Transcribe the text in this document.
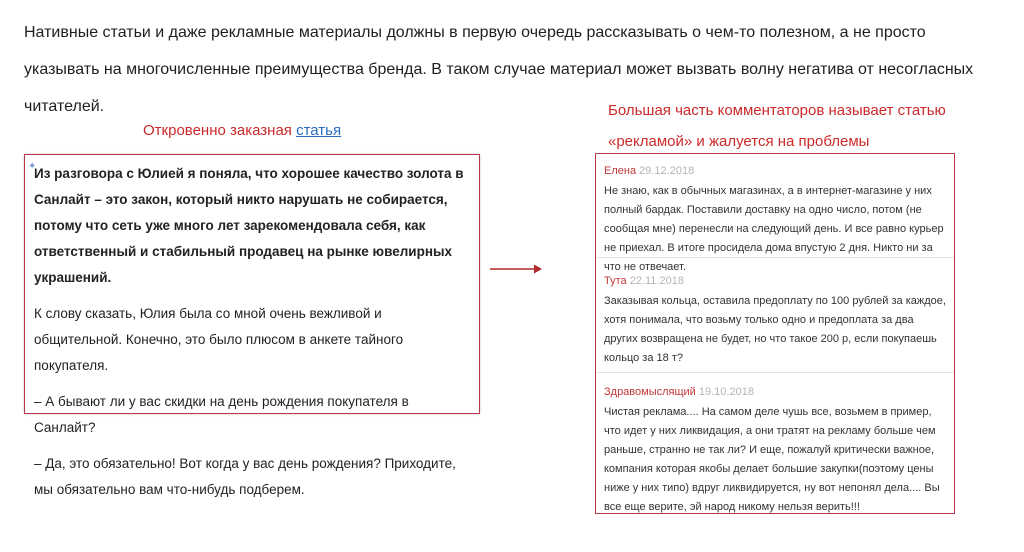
Нативные статьи и даже рекламные материалы должны в первую очередь рассказывать о чем-то полезном, а не просто указывать на многочисленные преимущества бренда. В таком случае материал может вызвать волну негатива от несогласных читателей.
Откровенно заказная статья
Большая часть комментаторов называет статью «рекламой» и жалуется на проблемы
✦

Из разговора с Юлией я поняла, что хорошее качество золота в Санлайт – это закон, который никто нарушать не собирается, потому что сеть уже много лет зарекомендовала себя, как ответственный и стабильный продавец на рынке ювелирных украшений.

К слову сказать, Юлия была со мной очень вежливой и общительной. Конечно, это было плюсом в анкете тайного покупателя.

– А бывают ли у вас скидки на день рождения покупателя в Санлайт?

– Да, это обязательно! Вот когда у вас день рождения? Приходите, мы обязательно вам что-нибудь подберем.

Елена 29.12.2018
Не знаю, как в обычных магазинах, а в интернет-магазине у них полный бардак. Поставили доставку на одно число, потом (не сообщая мне) перенесли на следующий день. И все равно курьер не приехал. В итоге просидела дома впустую 2 дня. Никто ни за что не отвечает.
Тута 22.11.2018
Заказывая кольца, оставила предоплату по 100 рублей за каждое, хотя понимала, что возьму только одно и предоплата за два других возвращена не будет, но что такое 200 р, если покупаешь кольцо за 18 т?
Здравомыслящий 19.10.2018
Чистая реклама.... На самом деле чушь все, возьмем в пример, что идет у них ликвидация, а они тратят на рекламу больше чем раньше, странно не так ли? И еще, пожалуй критически важное, компания которая якобы делает большие закупки(поэтому цены ниже у них типо) вдруг ликвидируется, ну вот непонял дела.... Вы все еще верите, эй народ никому нельзя верить!!!
